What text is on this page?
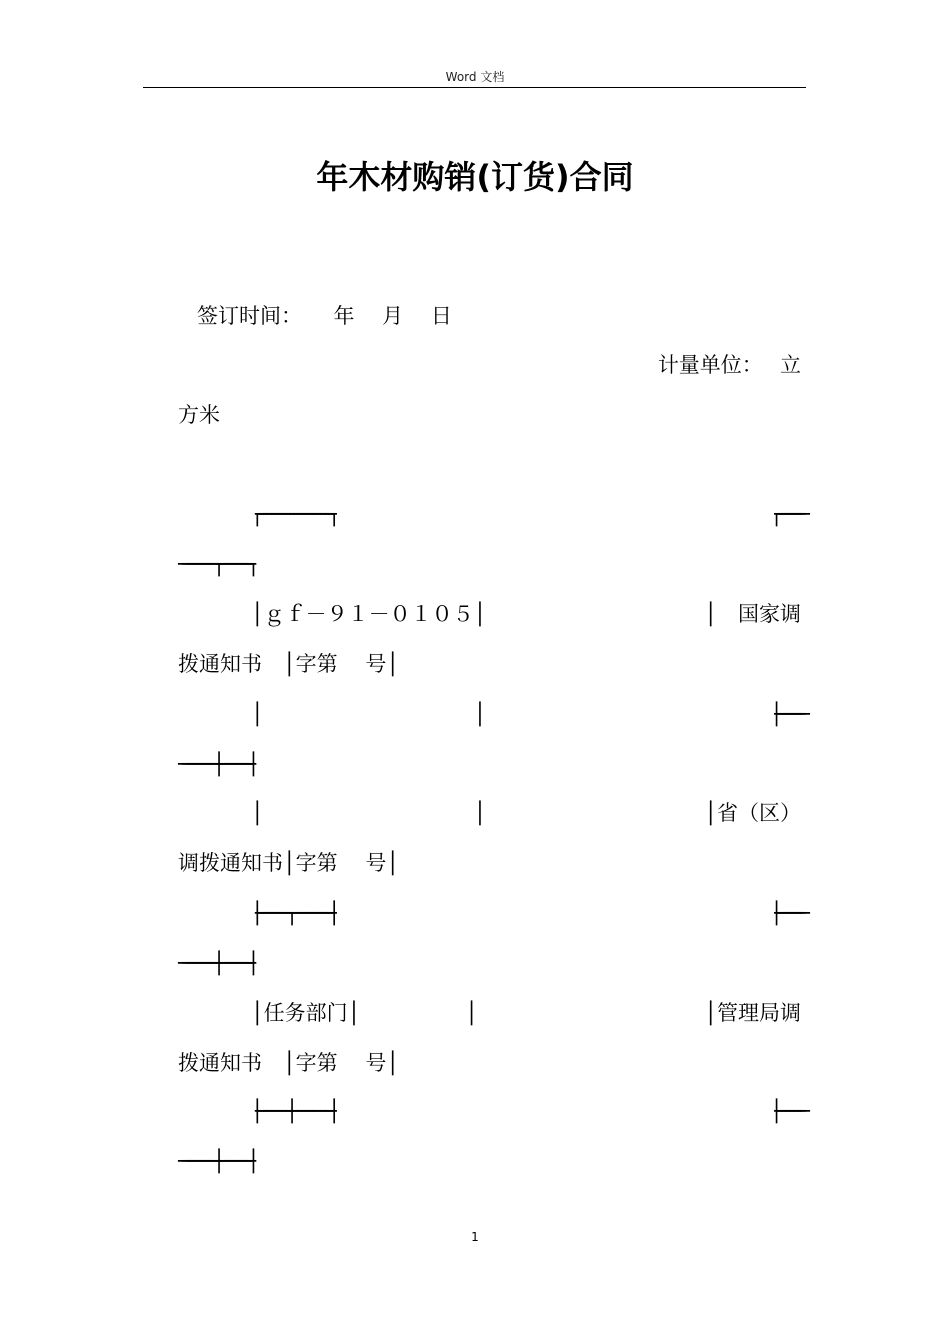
Word 文档
年木材购销(订货)合同
签订时间：　　年　 月　 日
计量单位：　 立
方米
┌───────────────────┐	┌───────
─────────┬────────┐
│ｇｆ－９１－０１０５│	│　国家调
拨通知书　│字第　 号│
│　　　　　　　　　　│	├───────
─────────┼────────┤
│　　　　　　　　　　│	│省（区）
调拨通知书│字第　 号│
├────────┬──────────┤	├───────
─────────┼────────┤
│任务部门│　　　　　│	│管理局调
拨通知书　│字第　 号│
├────────┼──────────┤	├───────
─────────┼────────┤
1
